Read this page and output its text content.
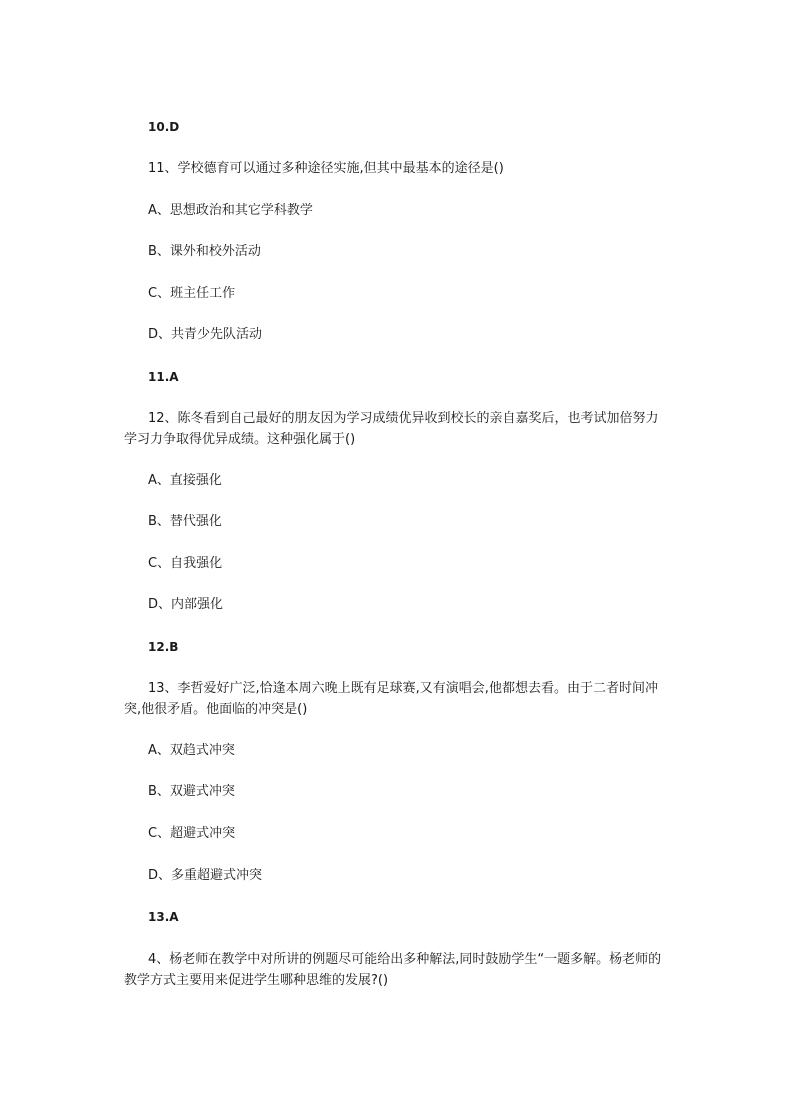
10.D
11、学校德育可以通过多种途径实施,但其中最基本的途径是()
A、思想政治和其它学科教学
B、课外和校外活动
C、班主任工作
D、共青少先队活动
11.A
12、陈冬看到自己最好的朋友因为学习成绩优异收到校长的亲自嘉奖后，也考试加倍努力学习力争取得优异成绩。这种强化属于()
A、直接强化
B、替代强化
C、自我强化
D、内部强化
12.B
13、李哲爱好广泛,恰逢本周六晚上既有足球赛,又有演唱会,他都想去看。由于二者时间冲突,他很矛盾。他面临的冲突是()
A、双趋式冲突
B、双避式冲突
C、超避式冲突
D、多重超避式冲突
13.A
4、杨老师在教学中对所讲的例题尽可能给出多种解法,同时鼓励学生“一题多解。杨老师的教学方式主要用来促进学生哪种思维的发展?()
